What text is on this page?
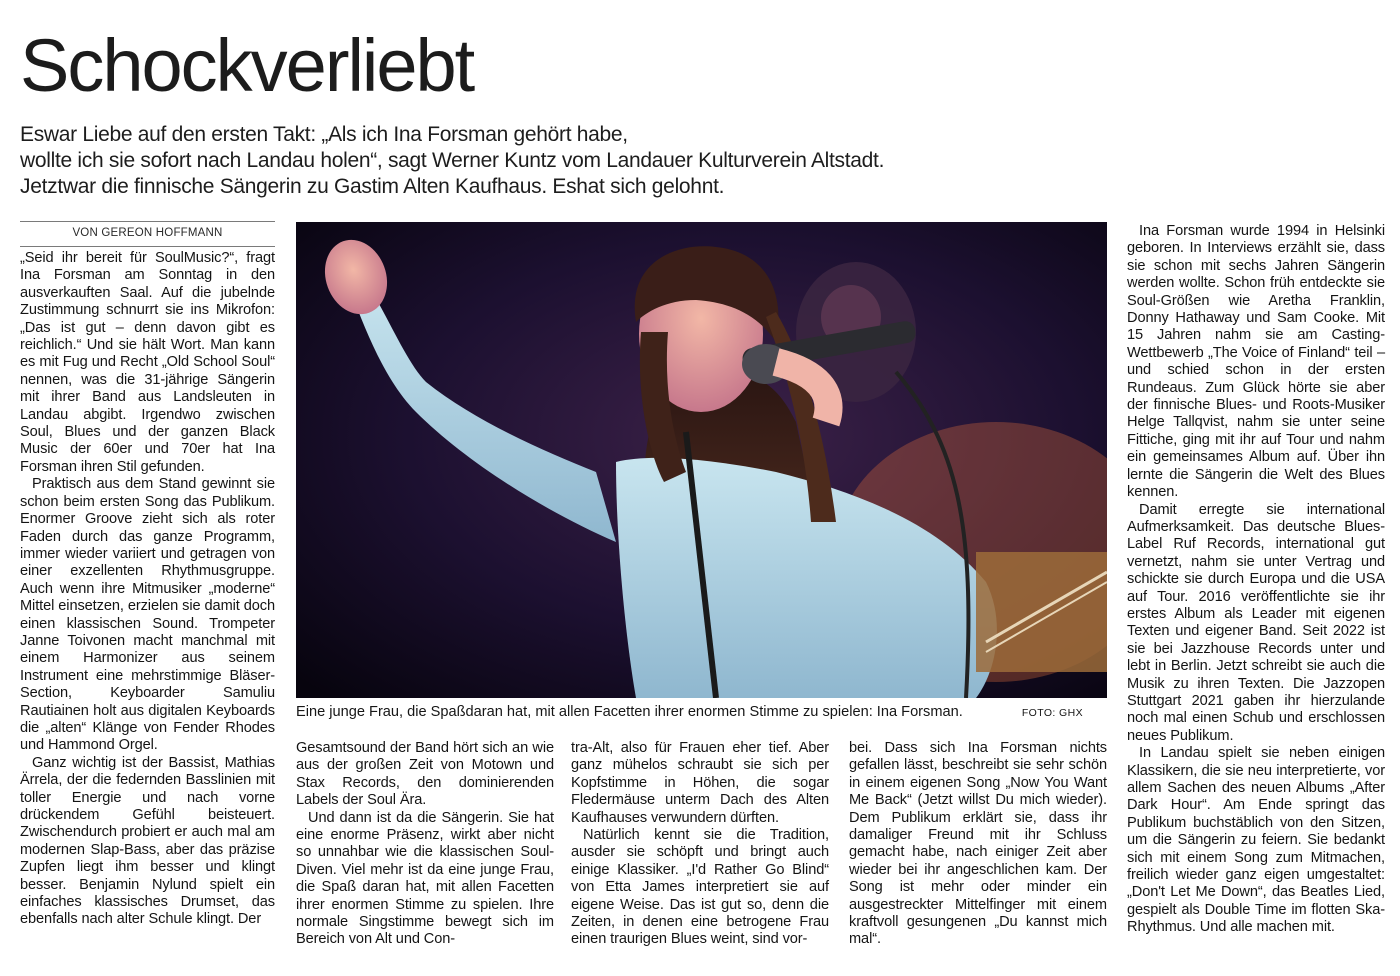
Schockverliebt
Eswar Liebe auf den ersten Takt: „Als ich Ina Forsman gehört habe,
wollte ich sie sofort nach Landau holen“, sagt Werner Kuntz vom Landauer Kulturverein Altstadt.
Jetztwar die finnische Sängerin zu Gastim Alten Kaufhaus. Eshat sich gelohnt.
VON GEREON HOFFMANN

„Seid ihr bereit für SoulMusic?“, fragt Ina Forsman am Sonntag in den ausverkauften Saal. Auf die jubelnde Zustimmung schnurrt sie ins Mikrofon: „Das ist gut – denn davon gibt es reichlich.“ Und sie hält Wort. Man kann es mit Fug und Recht „Old School Soul“ nennen, was die 31-jährige Sängerin mit ihrer Band aus Landsleuten in Landau abgibt. Irgendwo zwischen Soul, Blues und der ganzen Black Music der 60er und 70er hat Ina Forsman ihren Stil gefunden.

Praktisch aus dem Stand gewinnt sie schon beim ersten Song das Publikum. Enormer Groove zieht sich als roter Faden durch das ganze Programm, immer wieder variiert und getragen von einer exzellenten Rhythmusgruppe. Auch wenn ihre Mitmusiker „moderne“ Mittel einsetzen, erzielen sie damit doch einen klassischen Sound. Trompeter Janne Toivonen macht manchmal mit einem Harmonizer aus seinem Instrument eine mehrstimmige Bläser-Section, Keyboarder Samuliu Rautiainen holt aus digitalen Keyboards die „alten“ Klänge von Fender Rhodes und Hammond Orgel.

Ganz wichtig ist der Bassist, Mathias Ärrela, der die federnden Basslinien mit toller Energie und nach vorne drückendem Gefühl beisteuert. Zwischendurch probiert er auch mal am modernen Slap-Bass, aber das präzise Zupfen liegt ihm besser und klingt besser. Benjamin Nylund spielt ein einfaches klassisches Drumset, das ebenfalls nach alter Schule klingt. Der

Eine junge Frau, die Spaßdaran hat, mit allen Facetten ihrer enormen Stimme zu spielen: Ina Forsman.	FOTO: GHX

Gesamtsound der Band hört sich an wie aus der großen Zeit von Motown und Stax Records, den dominierenden Labels der Soul Ära.

Und dann ist da die Sängerin. Sie hat eine enorme Präsenz, wirkt aber nicht so unnahbar wie die klassischen Soul-Diven. Viel mehr ist da eine junge Frau, die Spaß daran hat, mit allen Facetten ihrer enormen Stimme zu spielen. Ihre normale Singstimme bewegt sich im Bereich von Alt und Con-

tra-Alt, also für Frauen eher tief. Aber ganz mühelos schraubt sie sich per Kopfstimme in Höhen, die sogar Fledermäuse unterm Dach des Alten Kaufhauses verwundern dürften.

Natürlich kennt sie die Tradition, ausder sie schöpft und bringt auch einige Klassiker. „I'd Rather Go Blind“ von Etta James interpretiert sie auf eigene Weise. Das ist gut so, denn die Zeiten, in denen eine betrogene Frau einen traurigen Blues weint, sind vor-

bei. Dass sich Ina Forsman nichts gefallen lässt, beschreibt sie sehr schön in einem eigenen Song „Now You Want Me Back“ (Jetzt willst Du mich wieder). Dem Publikum erklärt sie, dass ihr damaliger Freund mit ihr Schluss gemacht habe, nach einiger Zeit aber wieder bei ihr angeschlichen kam. Der Song ist mehr oder minder ein ausgestreckter Mittelfinger mit einem kraftvoll gesungenen „Du kannst mich mal“.

Ina Forsman wurde 1994 in Helsinki geboren. In Interviews erzählt sie, dass sie schon mit sechs Jahren Sängerin werden wollte. Schon früh entdeckte sie Soul-Größen wie Aretha Franklin, Donny Hathaway und Sam Cooke. Mit 15 Jahren nahm sie am Casting-Wettbewerb „The Voice of Finland“ teil – und schied schon in der ersten Rundeaus. Zum Glück hörte sie aber der finnische Blues- und Roots-Musiker Helge Tallqvist, nahm sie unter seine Fittiche, ging mit ihr auf Tour und nahm ein gemeinsames Album auf. Über ihn lernte die Sängerin die Welt des Blues kennen.

Damit erregte sie international Aufmerksamkeit. Das deutsche Blues-Label Ruf Records, international gut vernetzt, nahm sie unter Vertrag und schickte sie durch Europa und die USA auf Tour. 2016 veröffentlichte sie ihr erstes Album als Leader mit eigenen Texten und eigener Band. Seit 2022 ist sie bei Jazzhouse Records unter und lebt in Berlin. Jetzt schreibt sie auch die Musik zu ihren Texten. Die Jazzopen Stuttgart 2021 gaben ihr hierzulande noch mal einen Schub und erschlossen neues Publikum.

In Landau spielt sie neben einigen Klassikern, die sie neu interpretierte, vor allem Sachen des neuen Albums „After Dark Hour“. Am Ende springt das Publikum buchstäblich von den Sitzen, um die Sängerin zu feiern. Sie bedankt sich mit einem Song zum Mitmachen, freilich wieder ganz eigen umgestaltet: „Don't Let Me Down“, das Beatles Lied, gespielt als Double Time im flotten Ska-Rhythmus. Und alle machen mit.
